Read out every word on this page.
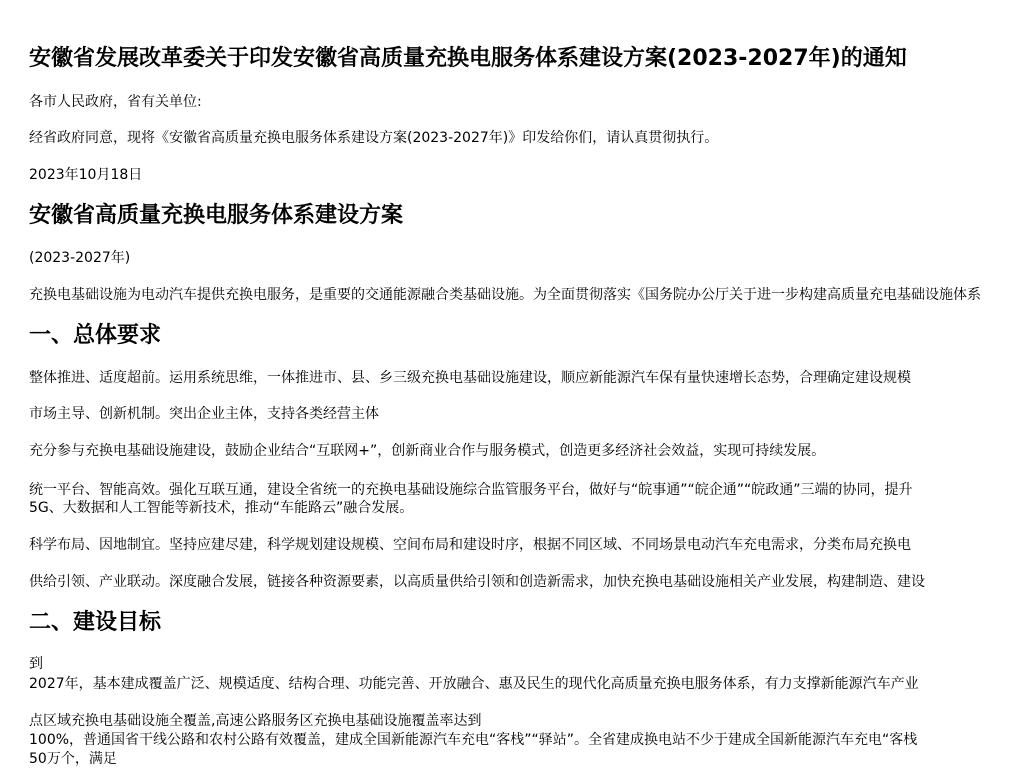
安徽省发展改革委关于印发安徽省高质量充换电服务体系建设方案(2023-2027年)的通知

各市人民政府，省有关单位:

经省政府同意，现将《安徽省高质量充换电服务体系建设方案(2023-2027年)》印发给你们，请认真贯彻执行。

2023年10月18日

安徽省高质量充换电服务体系建设方案

(2023-2027年)

充换电基础设施为电动汽车提供充换电服务，是重要的交通能源融合类基础设施。为全面贯彻落实《国务院办公厅关于进一步构建高质量充电基础设施体系

一、总体要求

整体推进、适度超前。运用系统思维，一体推进市、县、乡三级充换电基础设施建设，顺应新能源汽车保有量快速增长态势，合理确定建设规模

市场主导、创新机制。突出企业主体，支持各类经营主体

充分参与充换电基础设施建设，鼓励企业结合“互联网+”，创新商业合作与服务模式，创造更多经济社会效益，实现可持续发展。

统一平台、智能高效。强化互联互通，建设全省统一的充换电基础设施综合监管服务平台，做好与“皖事通”“皖企通”“皖政通”三端的协同，提升

5G、大数据和人工智能等新技术，推动“车能路云”融合发展。

科学布局、因地制宜。坚持应建尽建，科学规划建设规模、空间布局和建设时序，根据不同区域、不同场景电动汽车充电需求，分类布局充换电

供给引领、产业联动。深度融合发展，链接各种资源要素，以高质量供给引领和创造新需求，加快充换电基础设施相关产业发展，构建制造、建设

二、建设目标

到

2027年，基本建成覆盖广泛、规模适度、结构合理、功能完善、开放融合、惠及民生的现代化高质量充换电服务体系，有力支撑新能源汽车产业

点区域充换电基础设施全覆盖,高速公路服务区充换电基础设施覆盖率达到

100%，普通国省干线公路和农村公路有效覆盖，建成全国新能源汽车充电“客栈”“驿站”。全省建成换电站不少于建成全国新能源汽车充电“客栈

50万个，满足
